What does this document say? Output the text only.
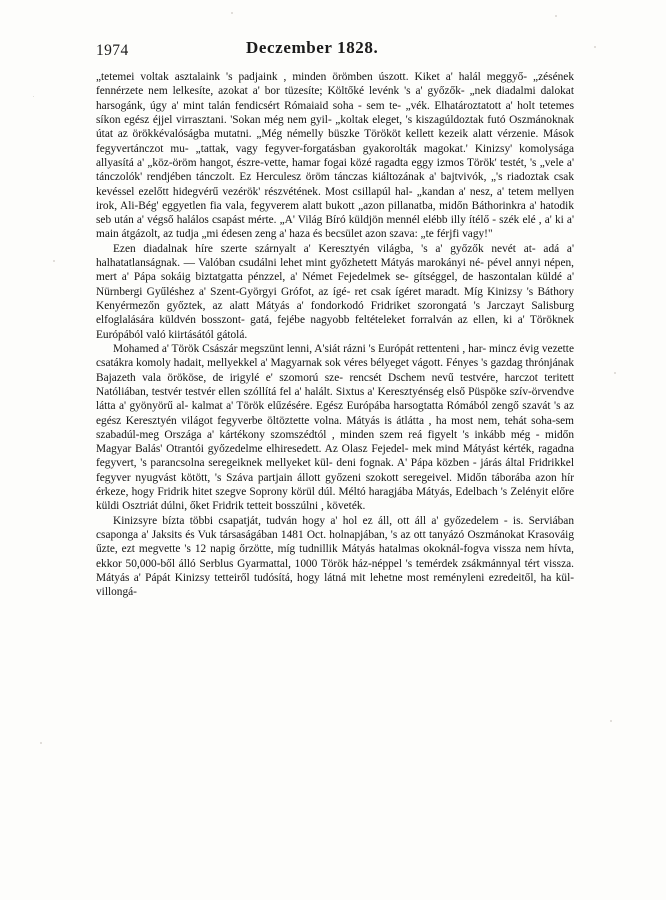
1974	Deczember 1828.

„tetemei voltak asztalaink 's padjaink , minden örömben úszott. Kiket a' halál meggyő- „zésének fennérzete nem lelkesíte, azokat a' bor tüzesíte; Költőké levénk 's a' győzők- „nek diadalmi dalokat harsogánk, úgy a' mint talán fendicsért Rómaiaid soha - sem te- „vék. Elhatároztatott a' holt tetemes síkon egész éjjel virrasztani. 'Sokan még nem gyil- „koltak eleget, 's kiszagúldoztak futó Oszmánoknak útat az örökkévalóságba mutatni. „Még némelly büszke Törököt kellett kezeik alatt vérzenie. Mások fegyvertánczot mu- „tattak, vagy fegyver-forgatásban gyakorolták magokat.' Kinizsy' komolysága allyasítá a' „köz-öröm hangot, észre-vette, hamar fogai közé ragadta eggy izmos Török' testét, 's „vele a' tánczolók' rendjében tánczolt. Ez Herculesz öröm tánczas kiáltozának a' bajtvivók, „'s riadoztak csak kevéssel ezelőtt hidegvérű vezérök' részvétének. Most csillapúl hal- „kandan a' nesz, a' tetem mellyen irok, Ali-Bég' eggyetlen fia vala, fegyverem alatt bukott „azon pillanatba, midőn Báthorinkra a' hatodik seb után a' végső halálos csapást mérte. „A' Világ Bíró küldjön mennél elébb illy ítélő - szék elé , a' ki a' main átgázolt, az tudja „mi édesen zeng a' haza és becsület azon szava: „te férjfi vagy!"

Ezen diadalnak híre szerte szárnyalt a' Keresztyén világba, 's a' győzők nevét at- adá a' halhatatlanságnak. — Valóban csudálni lehet mint győzhetett Mátyás marokányi né- pével annyi népen, mert a' Pápa sokáig biztatgatta pénzzel, a' Német Fejedelmek se- gítséggel, de haszontalan küldé a' Nürnbergi Gyűléshez a' Szent-Györgyi Grófot, az ígé- ret csak ígéret maradt. Míg Kinizsy 's Báthory Kenyérmezőn győztek, az alatt Mátyás a' fondorkodó Fridriket szorongatá 's Jarczayt Salisburg elfoglalására küldvén bosszont- gatá, fejébe nagyobb feltételeket forralván az ellen, ki a' Töröknek Európából való kiirtásától gátolá.

Mohamed a' Török Császár megszünt lenni, A'siát rázni 's Európát rettenteni , har- mincz évig vezette csatákra komoly hadait, mellyekkel a' Magyarnak sok véres bélyeget vágott. Fényes 's gazdag thrónjának Bajazeth vala örököse, de irigylé e' szomorú sze- rencsét Dschem nevű testvére, harczot teritett Natóliában, testvér testvér ellen szóllítá fel a' halált. Sixtus a' Keresztyénség első Püspöke szív-örvendve látta a' gyönyörű al- kalmat a' Török elűzésére. Egész Európába harsogtatta Rómából zengő szavát 's az egész Keresztyén világot fegyverbe öltöztette volna. Mátyás is átlátta , ha most nem, tehát soha-sem szabadúl-meg Országa a' kártékony szomszédtól , minden szem reá figyelt 's inkább még - midőn Magyar Balás' Otrantói győzedelme elhiresedett. Az Olasz Fejedel- mek mind Mátyást kérték, ragadna fegyvert, 's parancsolna seregeiknek mellyeket kül- deni fognak. A' Pápa közben - járás által Fridrikkel fegyver nyugvást kötött, 's Száva partjain állott győzeni szokott seregeivel. Midőn táborába azon hír érkeze, hogy Fridrik hitet szegve Soprony körül dúl. Méltó haragjába Mátyás, Edelbach 's Zelényit előre küldi Osztriát dúlni, őket Fridrik tetteit bosszúlni , követék.

Kinizsyre bízta többi csapatját, tudván hogy a' hol ez áll, ott áll a' győzedelem - is. Serviában csaponga a' Jaksits és Vuk társaságában 1481 Oct. holnapjában, 's az ott tanyázó Oszmánokat Krasováig űzte, ezt megvette 's 12 napig őrzötte, míg tudnillik Mátyás hatalmas okoknál-fogva vissza nem hívta, ekkor 50,000-ből álló Serblus Gyarmattal, 1000 Török ház-néppel 's temérdek zsákmánnyal tért vissza. Mátyás a' Pápát Kinizsy tetteiről tudósítá, hogy látná mit lehetne most reményleni ezredeitől, ha kül-villongá-
